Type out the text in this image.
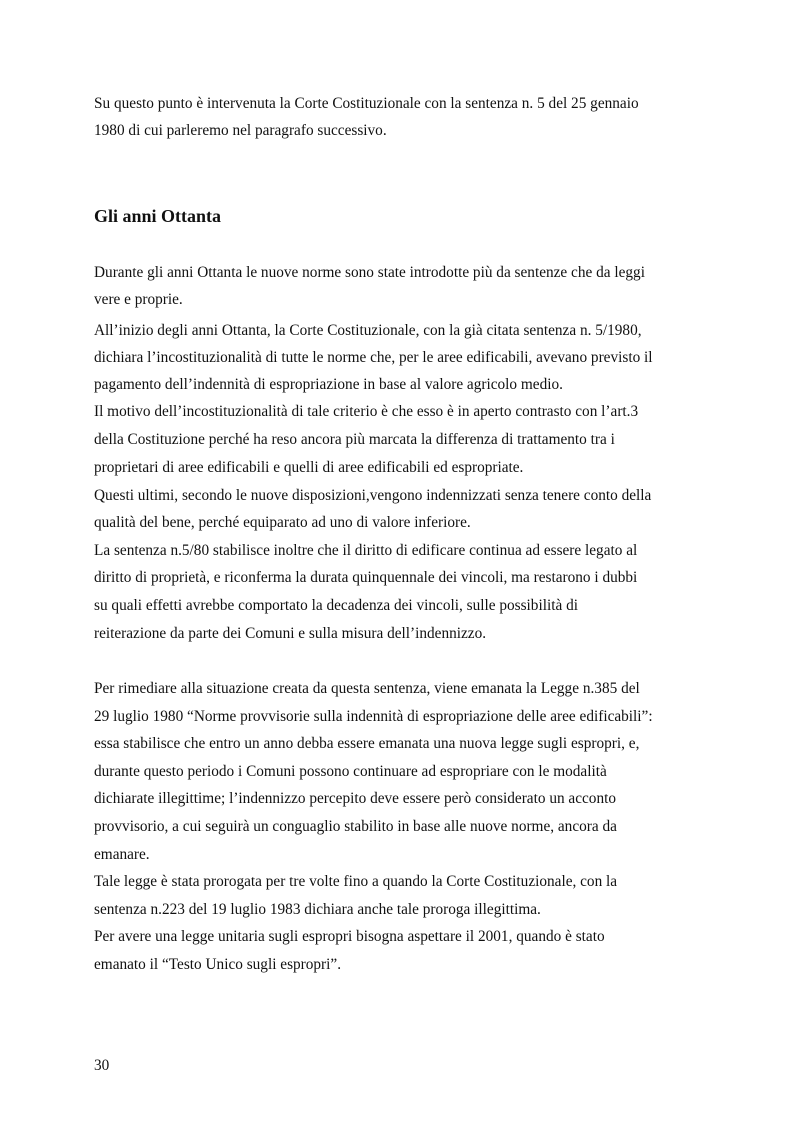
Su questo punto è intervenuta la Corte Costituzionale con la sentenza n. 5 del 25 gennaio

1980 di cui parleremo nel paragrafo successivo.

Gli anni Ottanta

Durante gli anni Ottanta le nuove norme sono state introdotte più da sentenze che da leggi

vere e proprie.

All’inizio degli anni Ottanta, la Corte Costituzionale, con la già citata sentenza n. 5/1980,

dichiara l’incostituzionalità di tutte le norme che, per le aree edificabili, avevano previsto il

pagamento dell’indennità di espropriazione in base al valore agricolo medio.

Il motivo dell’incostituzionalità di tale criterio è che esso è in aperto contrasto con l’art.3

della Costituzione perché ha reso ancora più marcata la differenza di trattamento tra i

proprietari di aree edificabili e quelli di aree edificabili ed espropriate.

Questi ultimi, secondo le nuove disposizioni,vengono indennizzati senza tenere conto della

qualità del bene, perché equiparato ad uno di valore inferiore.

La sentenza n.5/80 stabilisce inoltre che il diritto di edificare continua ad essere legato al

diritto di proprietà, e riconferma la durata quinquennale dei vincoli, ma restarono i dubbi

su quali effetti avrebbe comportato la decadenza dei vincoli, sulle possibilità di

reiterazione da parte dei Comuni e sulla misura dell’indennizzo.

Per rimediare alla situazione creata da questa sentenza, viene emanata la Legge n.385 del

29 luglio 1980 “Norme provvisorie sulla indennità di espropriazione delle aree edificabili”:

essa stabilisce che entro un anno debba essere emanata una nuova legge sugli espropri, e,

durante questo periodo i Comuni possono continuare ad espropriare con le modalità

dichiarate illegittime; l’indennizzo percepito deve essere però considerato un acconto

provvisorio, a cui seguirà un conguaglio stabilito in base alle nuove norme, ancora da

emanare.

Tale legge è stata prorogata per tre volte fino a quando la Corte Costituzionale, con la

sentenza n.223 del 19 luglio 1983 dichiara anche tale proroga illegittima.

Per avere una legge unitaria sugli espropri bisogna aspettare il 2001, quando è stato

emanato il “Testo Unico sugli espropri”.

30
